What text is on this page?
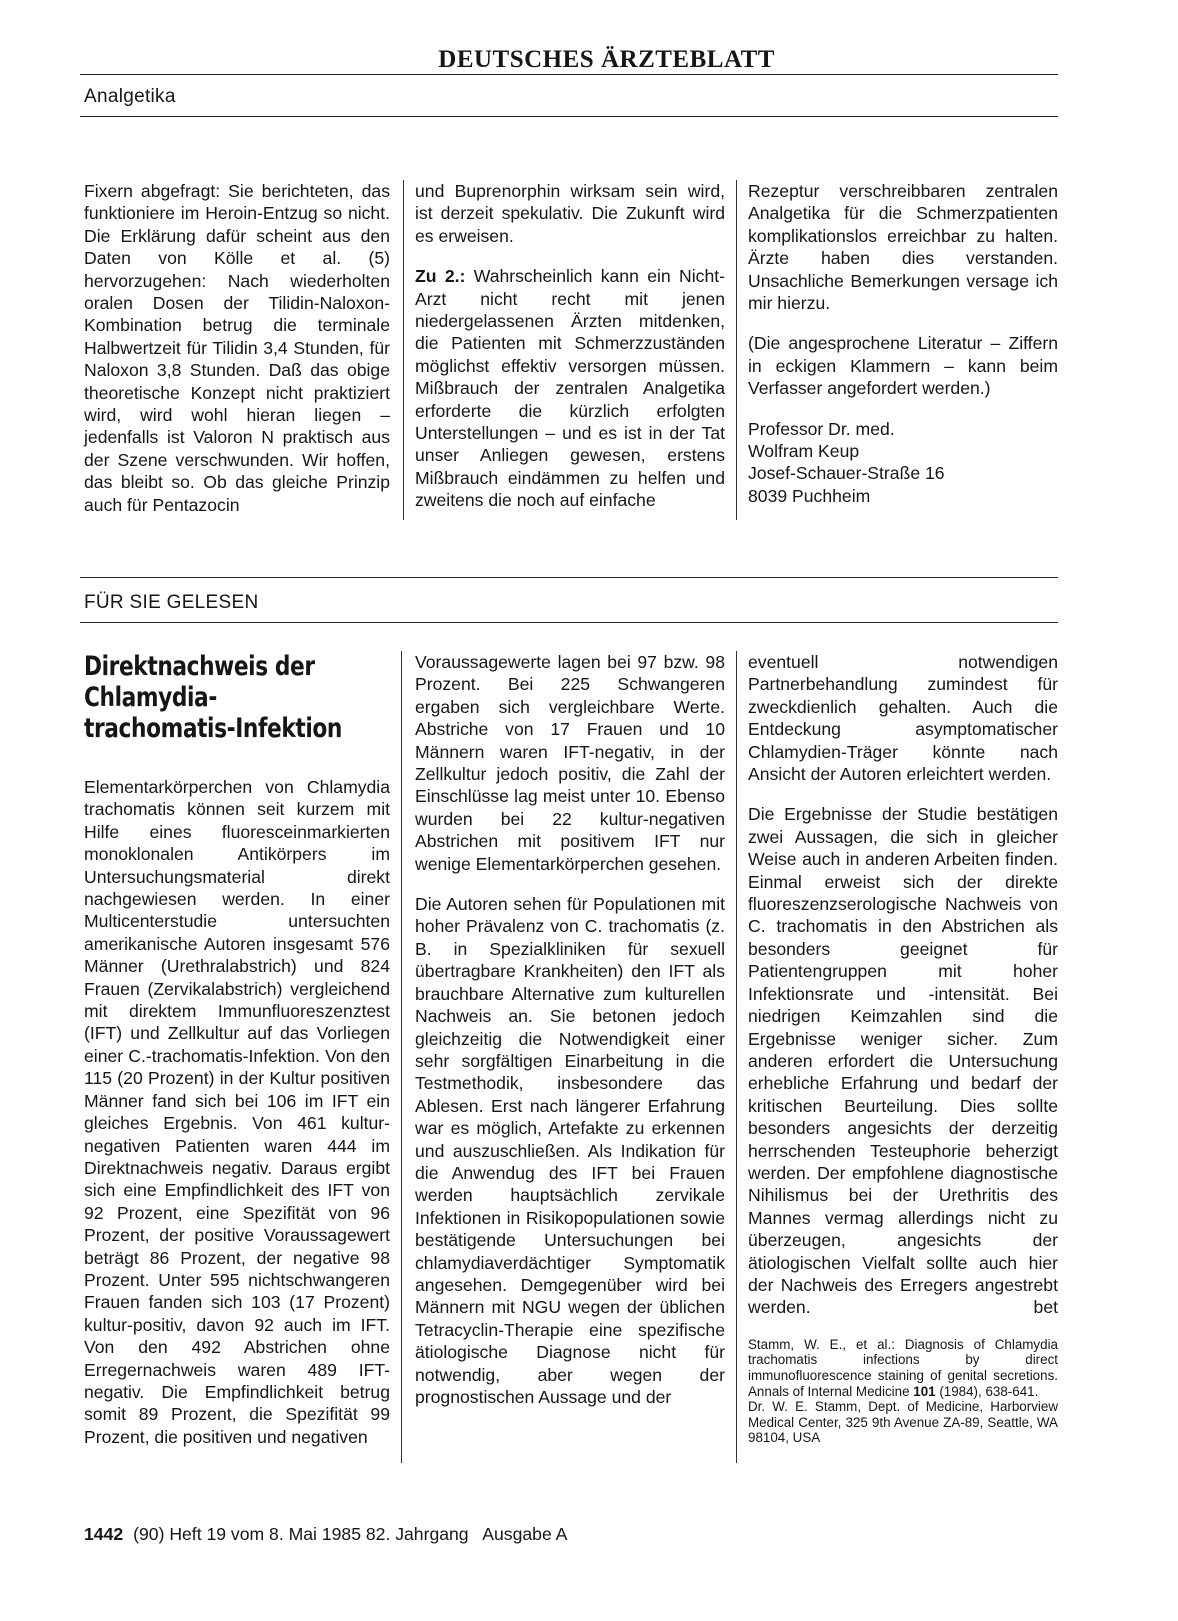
DEUTSCHES ÄRZTEBLATT
Analgetika

Fixern abgefragt: Sie berichteten, das funktioniere im Heroin-Entzug so nicht. Die Erklärung dafür scheint aus den Daten von Kölle et al. (5) hervorzugehen: Nach wiederholten oralen Dosen der Tilidin-Naloxon-Kombination betrug die terminale Halbwertzeit für Tilidin 3,4 Stunden, für Naloxon 3,8 Stunden. Daß das obige theoretische Konzept nicht praktiziert wird, wird wohl hieran liegen – jedenfalls ist Valoron N praktisch aus der Szene verschwunden. Wir hoffen, das bleibt so. Ob das gleiche Prinzip auch für Pentazocin

und Buprenorphin wirksam sein wird, ist derzeit spekulativ. Die Zukunft wird es erweisen.

Zu 2.: Wahrscheinlich kann ein Nicht-Arzt nicht recht mit jenen niedergelassenen Ärzten mitdenken, die Patienten mit Schmerzzuständen möglichst effektiv versorgen müssen. Mißbrauch der zentralen Analgetika erforderte die kürzlich erfolgten Unterstellungen – und es ist in der Tat unser Anliegen gewesen, erstens Mißbrauch eindämmen zu helfen und zweitens die noch auf einfache

Rezeptur verschreibbaren zentralen Analgetika für die Schmerzpatienten komplikationslos erreichbar zu halten. Ärzte haben dies verstanden. Unsachliche Bemerkungen versage ich mir hierzu.

(Die angesprochene Literatur – Ziffern in eckigen Klammern – kann beim Verfasser angefordert werden.)

Professor Dr. med.
Wolfram Keup
Josef-Schauer-Straße 16
8039 Puchheim

FÜR SIE GELESEN
Direktnachweis der Chlamydia-trachomatis-Infektion

Elementarkörperchen von Chlamydia trachomatis können seit kurzem mit Hilfe eines fluoresceinmarkierten monoklonalen Antikörpers im Untersuchungsmaterial direkt nachgewiesen werden. In einer Multicenterstudie untersuchten amerikanische Autoren insgesamt 576 Männer (Urethralabstrich) und 824 Frauen (Zervikalabstrich) vergleichend mit direktem Immunfluoreszenztest (IFT) und Zellkultur auf das Vorliegen einer C.-trachomatis-Infektion. Von den 115 (20 Prozent) in der Kultur positiven Männer fand sich bei 106 im IFT ein gleiches Ergebnis. Von 461 kultur-negativen Patienten waren 444 im Direktnachweis negativ. Daraus ergibt sich eine Empfindlichkeit des IFT von 92 Prozent, eine Spezifität von 96 Prozent, der positive Voraussagewert beträgt 86 Prozent, der negative 98 Prozent. Unter 595 nichtschwangeren Frauen fanden sich 103 (17 Prozent) kultur-positiv, davon 92 auch im IFT. Von den 492 Abstrichen ohne Erregernachweis waren 489 IFT-negativ. Die Empfindlichkeit betrug somit 89 Prozent, die Spezifität 99 Prozent, die positiven und negativen

Voraussagewerte lagen bei 97 bzw. 98 Prozent. Bei 225 Schwangeren ergaben sich vergleichbare Werte. Abstriche von 17 Frauen und 10 Männern waren IFT-negativ, in der Zellkultur jedoch positiv, die Zahl der Einschlüsse lag meist unter 10. Ebenso wurden bei 22 kultur-negativen Abstrichen mit positivem IFT nur wenige Elementarkörperchen gesehen.

Die Autoren sehen für Populationen mit hoher Prävalenz von C. trachomatis (z. B. in Spezialkliniken für sexuell übertragbare Krankheiten) den IFT als brauchbare Alternative zum kulturellen Nachweis an. Sie betonen jedoch gleichzeitig die Notwendigkeit einer sehr sorgfältigen Einarbeitung in die Testmethodik, insbesondere das Ablesen. Erst nach längerer Erfahrung war es möglich, Artefakte zu erkennen und auszuschließen. Als Indikation für die Anwendug des IFT bei Frauen werden hauptsächlich zervikale Infektionen in Risikopopulationen sowie bestätigende Untersuchungen bei chlamydiaverdächtiger Symptomatik angesehen. Demgegenüber wird bei Männern mit NGU wegen der üblichen Tetracyclin-Therapie eine spezifische ätiologische Diagnose nicht für notwendig, aber wegen der prognostischen Aussage und der

eventuell notwendigen Partnerbehandlung zumindest für zweckdienlich gehalten. Auch die Entdeckung asymptomatischer Chlamydien-Träger könnte nach Ansicht der Autoren erleichtert werden.

Die Ergebnisse der Studie bestätigen zwei Aussagen, die sich in gleicher Weise auch in anderen Arbeiten finden. Einmal erweist sich der direkte fluoreszenzserologische Nachweis von C. trachomatis in den Abstrichen als besonders geeignet für Patientengruppen mit hoher Infektionsrate und -intensität. Bei niedrigen Keimzahlen sind die Ergebnisse weniger sicher. Zum anderen erfordert die Untersuchung erhebliche Erfahrung und bedarf der kritischen Beurteilung. Dies sollte besonders angesichts der derzeitig herrschenden Testeuphorie beherzigt werden. Der empfohlene diagnostische Nihilismus bei der Urethritis des Mannes vermag allerdings nicht zu überzeugen, angesichts der ätiologischen Vielfalt sollte auch hier der Nachweis des Erregers angestrebt werden.	bet

Stamm, W. E., et al.: Diagnosis of Chlamydia trachomatis infections by direct immunofluorescence staining of genital secretions. Annals of Internal Medicine 101 (1984), 638-641.
Dr. W. E. Stamm, Dept. of Medicine, Harborview Medical Center, 325 9th Avenue ZA-89, Seattle, WA 98104, USA
1442 (90) Heft 19 vom 8. Mai 1985 82. Jahrgang   Ausgabe A
